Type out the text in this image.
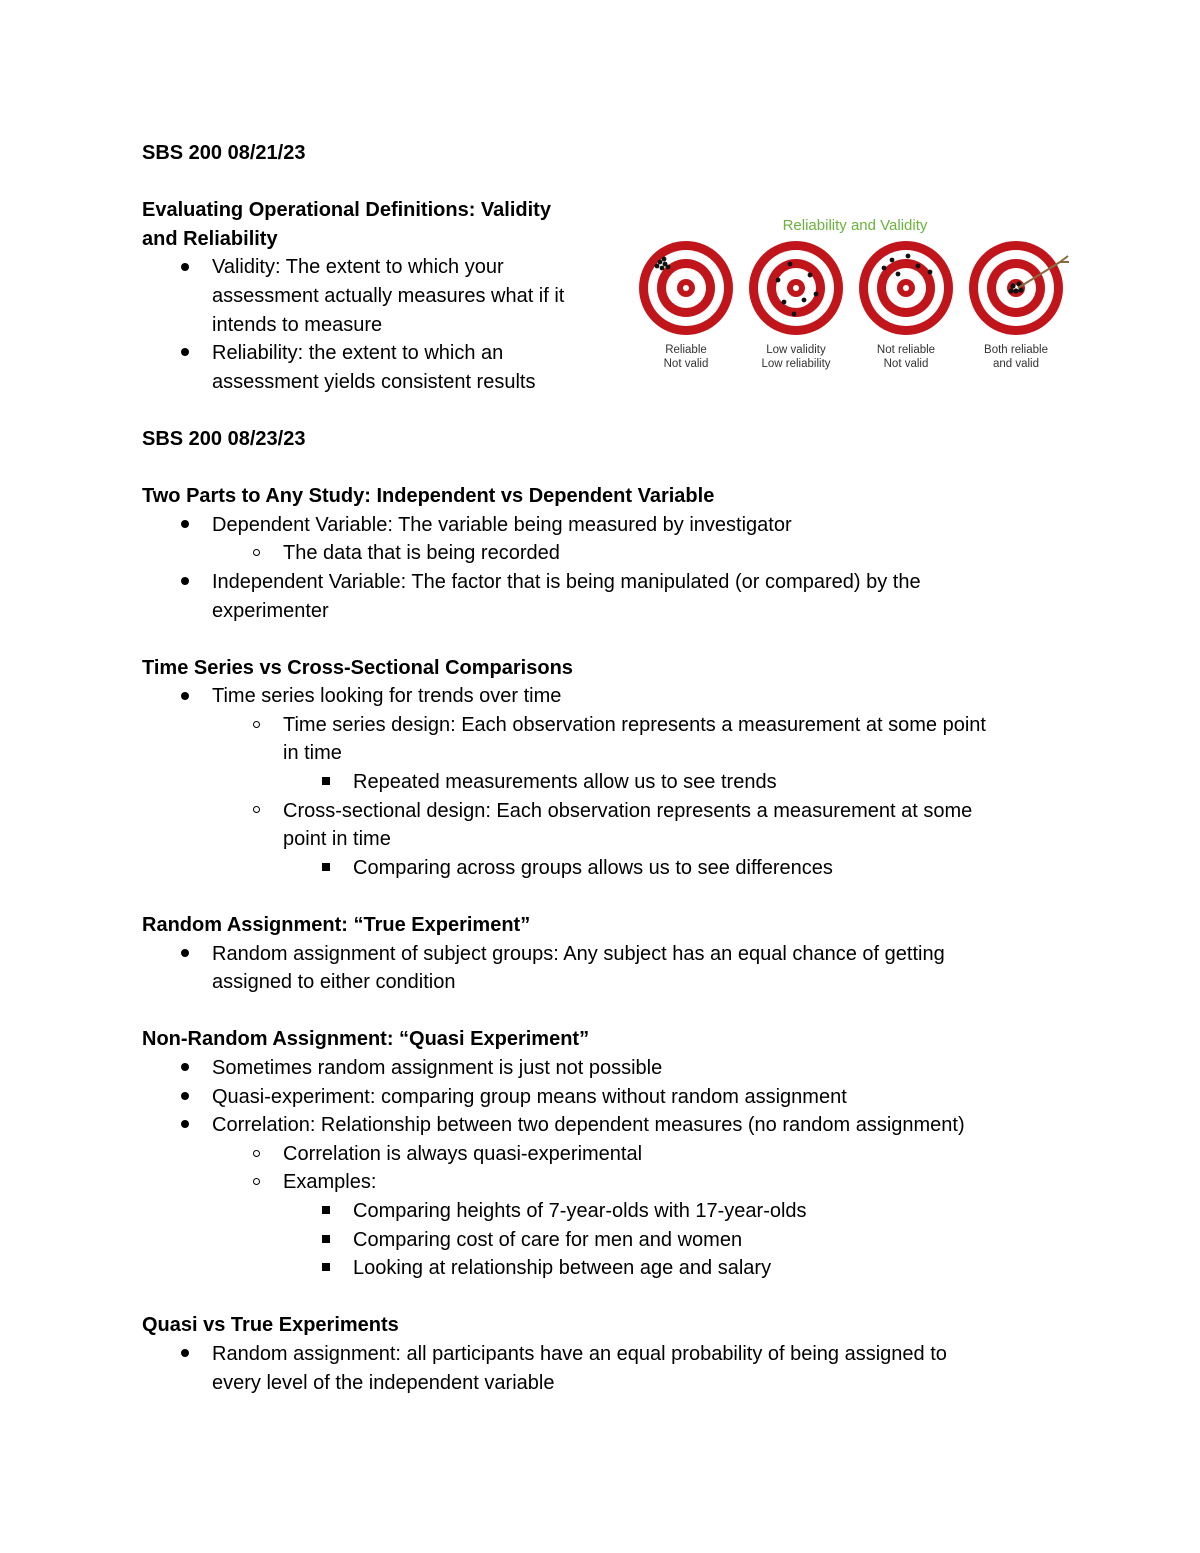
SBS 200 08/21/23
Evaluating Operational Definitions: Validity
and Reliability
Validity: The extent to which your
assessment actually measures what if it
intends to measure
Reliability: the extent to which an
assessment yields consistent results
SBS 200 08/23/23
Two Parts to Any Study: Independent vs Dependent Variable
Dependent Variable: The variable being measured by investigator
The data that is being recorded
Independent Variable: The factor that is being manipulated (or compared) by the
experimenter
Time Series vs Cross-Sectional Comparisons
Time series looking for trends over time
Time series design: Each observation represents a measurement at some point
in time
Repeated measurements allow us to see trends
Cross-sectional design: Each observation represents a measurement at some
point in time
Comparing across groups allows us to see differences
Random Assignment: “True Experiment”
Random assignment of subject groups: Any subject has an equal chance of getting
assigned to either condition
Non-Random Assignment: “Quasi Experiment”
Sometimes random assignment is just not possible
Quasi-experiment: comparing group means without random assignment
Correlation: Relationship between two dependent measures (no random assignment)
Correlation is always quasi-experimental
Examples:
Comparing heights of 7-year-olds with 17-year-olds
Comparing cost of care for men and women
Looking at relationship between age and salary
Quasi vs True Experiments
Random assignment: all participants have an equal probability of being assigned to
every level of the independent variable
Reliability and Validity
Reliable
Not valid
Low validity
Low reliability
Not reliable
Not valid
Both reliable
and valid
